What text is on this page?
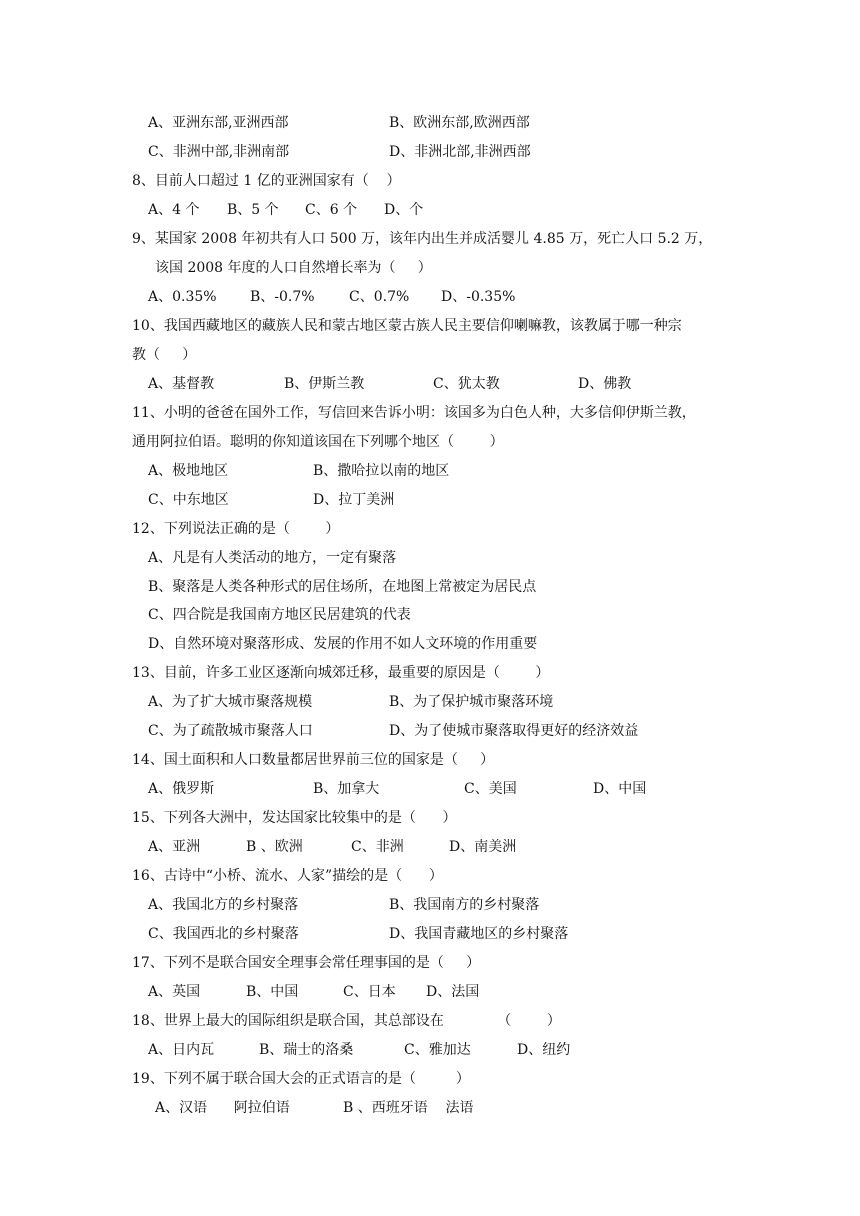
A、亚洲东部,亚洲西部	B、欧洲东部,欧洲西部
C、非洲中部,非洲南部	D、非洲北部,非洲西部
8、目前人口超过 1 亿的亚洲国家有（    ）
A、4 个 B、5 个 C、6 个 D、个
9、某国家 2008 年初共有人口 500 万，该年内出生并成活婴儿 4.85 万，死亡人口 5.2 万，
该国 2008 年度的人口自然增长率为（     ）
A、0.35% B、-0.7% C、0.7% D、-0.35%
10、我国西藏地区的藏族人民和蒙古地区蒙古族人民主要信仰喇嘛教，该教属于哪一种宗
教（     ）
A、基督教	B、伊斯兰教	C、犹太教	D、佛教
11、小明的爸爸在国外工作，写信回来告诉小明：该国多为白色人种，大多信仰伊斯兰教，
通用阿拉伯语。聪明的你知道该国在下列哪个地区（        ）
A、极地地区	B、撒哈拉以南的地区
C、中东地区	D、拉丁美洲
12、下列说法正确的是（        ）
A、凡是有人类活动的地方，一定有聚落
B、聚落是人类各种形式的居住场所，在地图上常被定为居民点
C、四合院是我国南方地区民居建筑的代表
D、自然环境对聚落形成、发展的作用不如人文环境的作用重要
13、目前，许多工业区逐渐向城郊迁移，最重要的原因是（        ）
A、为了扩大城市聚落规模	B、为了保护城市聚落环境
C、为了疏散城市聚落人口	D、为了使城市聚落取得更好的经济效益
14、国土面积和人口数量都居世界前三位的国家是（     ）
A、俄罗斯	B、加拿大	C、美国	D、中国
15、下列各大洲中，发达国家比较集中的是（      ）
A、亚洲	B 、欧洲	C、非洲	D、南美洲
16、古诗中“小桥、流水、人家”描绘的是（      ）
A、我国北方的乡村聚落	B、我国南方的乡村聚落
C、我国西北的乡村聚落	D、我国青藏地区的乡村聚落
17、下列不是联合国安全理事会常任理事国的是（     ）
A、英国	B、中国	C、日本 D、法国
18、世界上最大的国际组织是联合国，其总部设在            （        ）
A、日内瓦	B、瑞士的洛桑	C、雅加达	D、纽约
19、下列不属于联合国大会的正式语言的是（         ）
A、汉语      阿拉伯语	B 、西班牙语    法语
